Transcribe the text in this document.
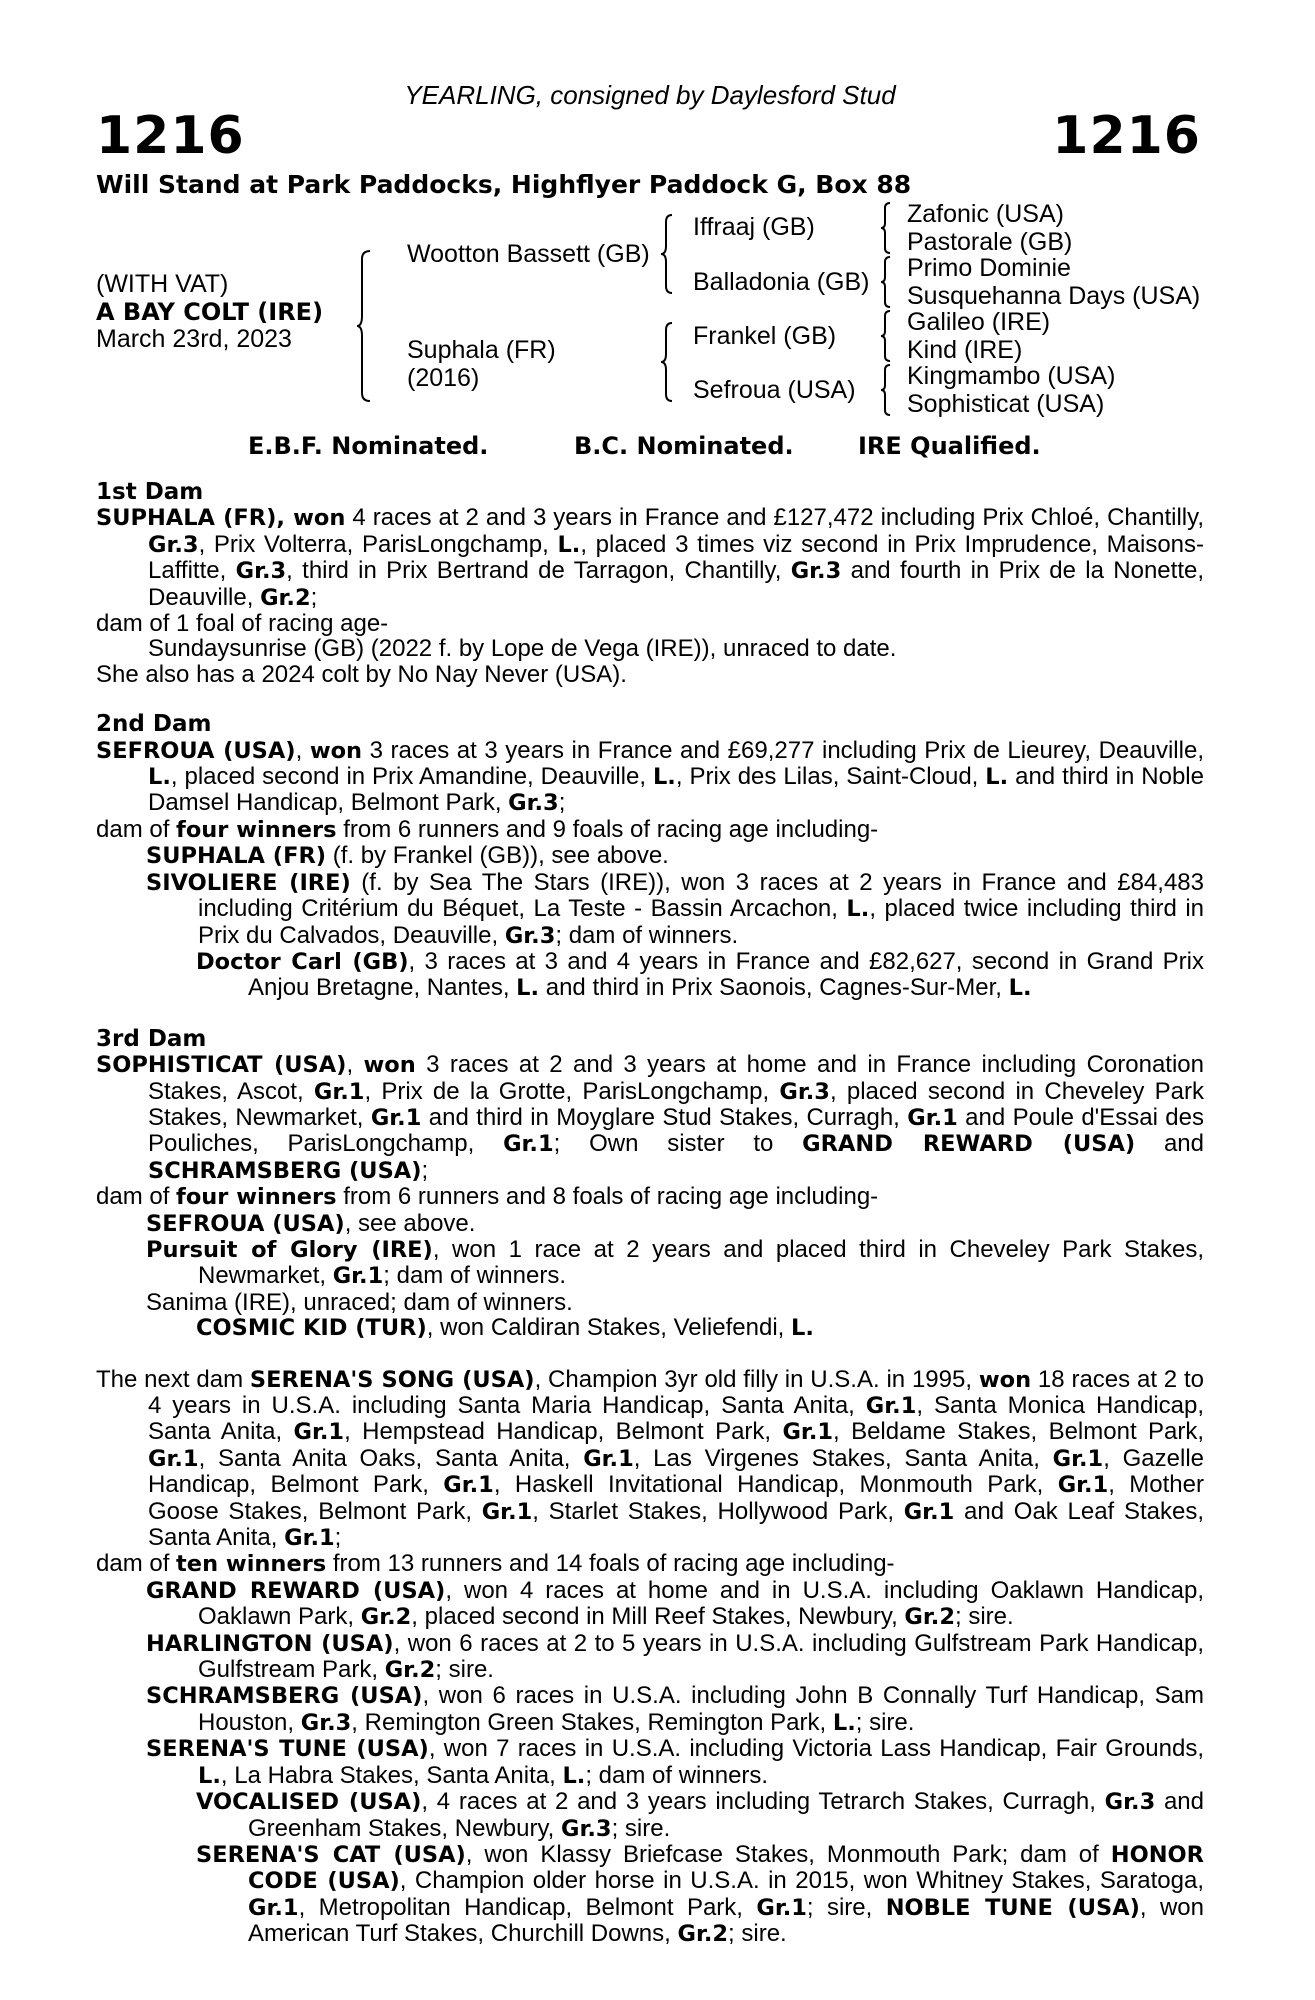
YEARLING, consigned by Daylesford Stud
1216	1216
Will Stand at Park Paddocks, Highflyer Paddock G, Box 88
(WITH VAT)
A BAY COLT (IRE)
March 23rd, 2023
Wootton Bassett (GB)
Suphala (FR)
(2016)
Iffraaj (GB)
Balladonia (GB)
Frankel (GB)
Sefroua (USA)
Zafonic (USA)
Pastorale (GB)
Primo Dominie
Susquehanna Days (USA)
Galileo (IRE)
Kind (IRE)
Kingmambo (USA)
Sophisticat (USA)
E.B.F. Nominated.	B.C. Nominated.	IRE Qualified.
1st Dam

SUPHALA (FR), won 4 races at 2 and 3 years in France and £127,472 including Prix Chloé, Chantilly, Gr.3, Prix Volterra, ParisLongchamp, L., placed 3 times viz second in Prix Imprudence, Maisons-Laffitte, Gr.3, third in Prix Bertrand de Tarragon, Chantilly, Gr.3 and fourth in Prix de la Nonette, Deauville, Gr.2;

dam of 1 foal of racing age-

Sundaysunrise (GB) (2022 f. by Lope de Vega (IRE)), unraced to date.

She also has a 2024 colt by No Nay Never (USA).

2nd Dam

SEFROUA (USA), won 3 races at 3 years in France and £69,277 including Prix de Lieurey, Deauville, L., placed second in Prix Amandine, Deauville, L., Prix des Lilas, Saint-Cloud, L. and third in Noble Damsel Handicap, Belmont Park, Gr.3;

dam of four winners from 6 runners and 9 foals of racing age including-

SUPHALA (FR) (f. by Frankel (GB)), see above.

SIVOLIERE (IRE) (f. by Sea The Stars (IRE)), won 3 races at 2 years in France and £84,483 including Critérium du Béquet, La Teste - Bassin Arcachon, L., placed twice including third in Prix du Calvados, Deauville, Gr.3; dam of winners.

Doctor Carl (GB), 3 races at 3 and 4 years in France and £82,627, second in Grand Prix Anjou Bretagne, Nantes, L. and third in Prix Saonois, Cagnes-Sur-Mer, L.

3rd Dam

SOPHISTICAT (USA), won 3 races at 2 and 3 years at home and in France including Coronation Stakes, Ascot, Gr.1, Prix de la Grotte, ParisLongchamp, Gr.3, placed second in Cheveley Park Stakes, Newmarket, Gr.1 and third in Moyglare Stud Stakes, Curragh, Gr.1 and Poule d'Essai des Pouliches, ParisLongchamp, Gr.1; Own sister to GRAND REWARD (USA) and SCHRAMSBERG (USA);

dam of four winners from 6 runners and 8 foals of racing age including-

SEFROUA (USA), see above.

Pursuit of Glory (IRE), won 1 race at 2 years and placed third in Cheveley Park Stakes, Newmarket, Gr.1; dam of winners.

Sanima (IRE), unraced; dam of winners.

COSMIC KID (TUR), won Caldiran Stakes, Veliefendi, L.

The next dam SERENA'S SONG (USA), Champion 3yr old filly in U.S.A. in 1995, won 18 races at 2 to 4 years in U.S.A. including Santa Maria Handicap, Santa Anita, Gr.1, Santa Monica Handicap, Santa Anita, Gr.1, Hempstead Handicap, Belmont Park, Gr.1, Beldame Stakes, Belmont Park, Gr.1, Santa Anita Oaks, Santa Anita, Gr.1, Las Virgenes Stakes, Santa Anita, Gr.1, Gazelle Handicap, Belmont Park, Gr.1, Haskell Invitational Handicap, Monmouth Park, Gr.1, Mother Goose Stakes, Belmont Park, Gr.1, Starlet Stakes, Hollywood Park, Gr.1 and Oak Leaf Stakes, Santa Anita, Gr.1;

dam of ten winners from 13 runners and 14 foals of racing age including-

GRAND REWARD (USA), won 4 races at home and in U.S.A. including Oaklawn Handicap, Oaklawn Park, Gr.2, placed second in Mill Reef Stakes, Newbury, Gr.2; sire.

HARLINGTON (USA), won 6 races at 2 to 5 years in U.S.A. including Gulfstream Park Handicap, Gulfstream Park, Gr.2; sire.

SCHRAMSBERG (USA), won 6 races in U.S.A. including John B Connally Turf Handicap, Sam Houston, Gr.3, Remington Green Stakes, Remington Park, L.; sire.

SERENA'S TUNE (USA), won 7 races in U.S.A. including Victoria Lass Handicap, Fair Grounds, L., La Habra Stakes, Santa Anita, L.; dam of winners.

VOCALISED (USA), 4 races at 2 and 3 years including Tetrarch Stakes, Curragh, Gr.3 and Greenham Stakes, Newbury, Gr.3; sire.

SERENA'S CAT (USA), won Klassy Briefcase Stakes, Monmouth Park; dam of HONOR CODE (USA), Champion older horse in U.S.A. in 2015, won Whitney Stakes, Saratoga, Gr.1, Metropolitan Handicap, Belmont Park, Gr.1; sire, NOBLE TUNE (USA), won American Turf Stakes, Churchill Downs, Gr.2; sire.
